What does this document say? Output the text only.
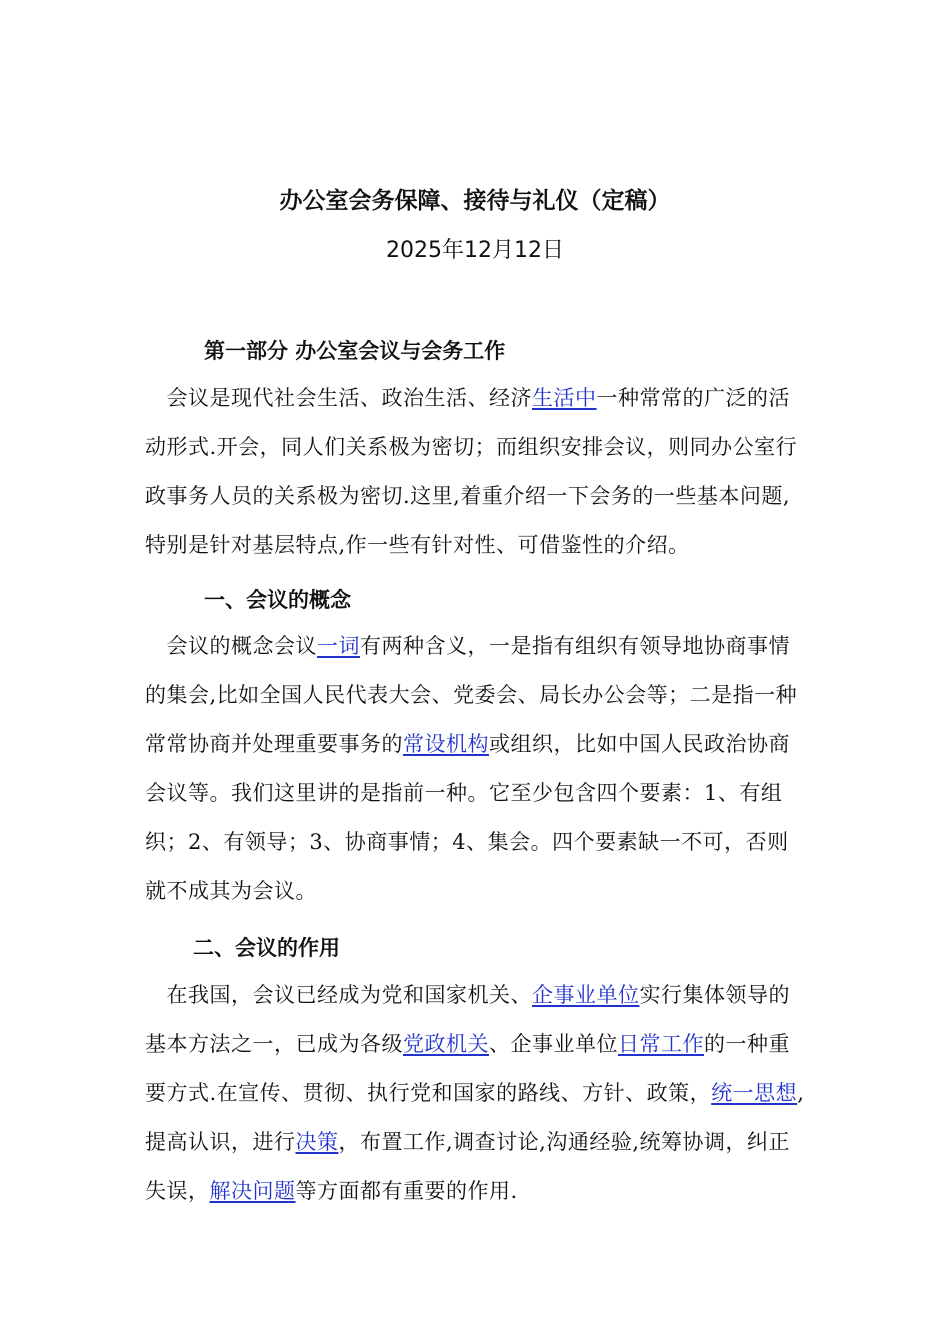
办公室会务保障、接待与礼仪（定稿）
2025年12月12日
第一部分 办公室会议与会务工作

　会议是现代社会生活、政治生活、经济生活中一种常常的广泛的活动形式.开会，同人们关系极为密切；而组织安排会议，则同办公室行政事务人员的关系极为密切.这里,着重介绍一下会务的一些基本问题,特别是针对基层特点,作一些有针对性、可借鉴性的介绍。

一、会议的概念

　会议的概念会议一词有两种含义，一是指有组织有领导地协商事情的集会,比如全国人民代表大会、党委会、局长办公会等；二是指一种常常协商并处理重要事务的常设机构或组织，比如中国人民政治协商会议等。我们这里讲的是指前一种。它至少包含四个要素：1、有组织；2、有领导；3、协商事情；4、集会。四个要素缺一不可，否则就不成其为会议。

二、会议的作用

　在我国，会议已经成为党和国家机关、企事业单位实行集体领导的基本方法之一，已成为各级党政机关、企事业单位日常工作的一种重要方式.在宣传、贯彻、执行党和国家的路线、方针、政策，统一思想,提高认识，进行决策，布置工作,调查讨论,沟通经验,统筹协调，纠正失误，解决问题等方面都有重要的作用.
